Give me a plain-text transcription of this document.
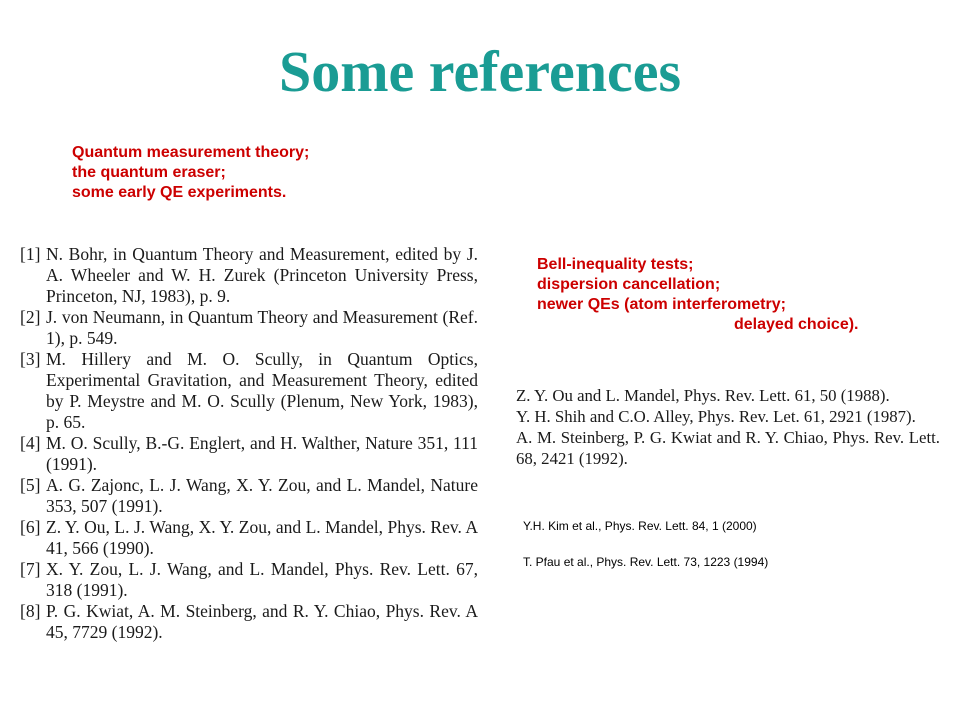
Some references
Quantum measurement theory;
the quantum eraser;
some early QE experiments.
Bell-inequality tests;
dispersion cancellation;
newer QEs (atom interferometry;
delayed choice).
[1] N. Bohr, in Quantum Theory and Measurement, edited by J. A. Wheeler and W. H. Zurek (Princeton University Press, Princeton, NJ, 1983), p. 9.
[2] J. von Neumann, in Quantum Theory and Measurement (Ref. 1), p. 549.
[3] M. Hillery and M. O. Scully, in Quantum Optics, Experimental Gravitation, and Measurement Theory, edited by P. Meystre and M. O. Scully (Plenum, New York, 1983), p. 65.
[4] M. O. Scully, B.-G. Englert, and H. Walther, Nature 351, 111 (1991).
[5] A. G. Zajonc, L. J. Wang, X. Y. Zou, and L. Mandel, Nature 353, 507 (1991).
[6] Z. Y. Ou, L. J. Wang, X. Y. Zou, and L. Mandel, Phys. Rev. A 41, 566 (1990).
[7] X. Y. Zou, L. J. Wang, and L. Mandel, Phys. Rev. Lett. 67, 318 (1991).
[8] P. G. Kwiat, A. M. Steinberg, and R. Y. Chiao, Phys. Rev. A 45, 7729 (1992).
Z. Y. Ou and L. Mandel, Phys. Rev. Lett. 61, 50 (1988).
Y. H. Shih and C.O. Alley, Phys. Rev. Let. 61, 2921 (1987).
A. M. Steinberg, P. G. Kwiat and R. Y. Chiao, Phys. Rev. Lett. 68, 2421 (1992).
Y.H. Kim et al., Phys. Rev. Lett. 84, 1 (2000)
T. Pfau et al., Phys. Rev. Lett. 73, 1223 (1994)
